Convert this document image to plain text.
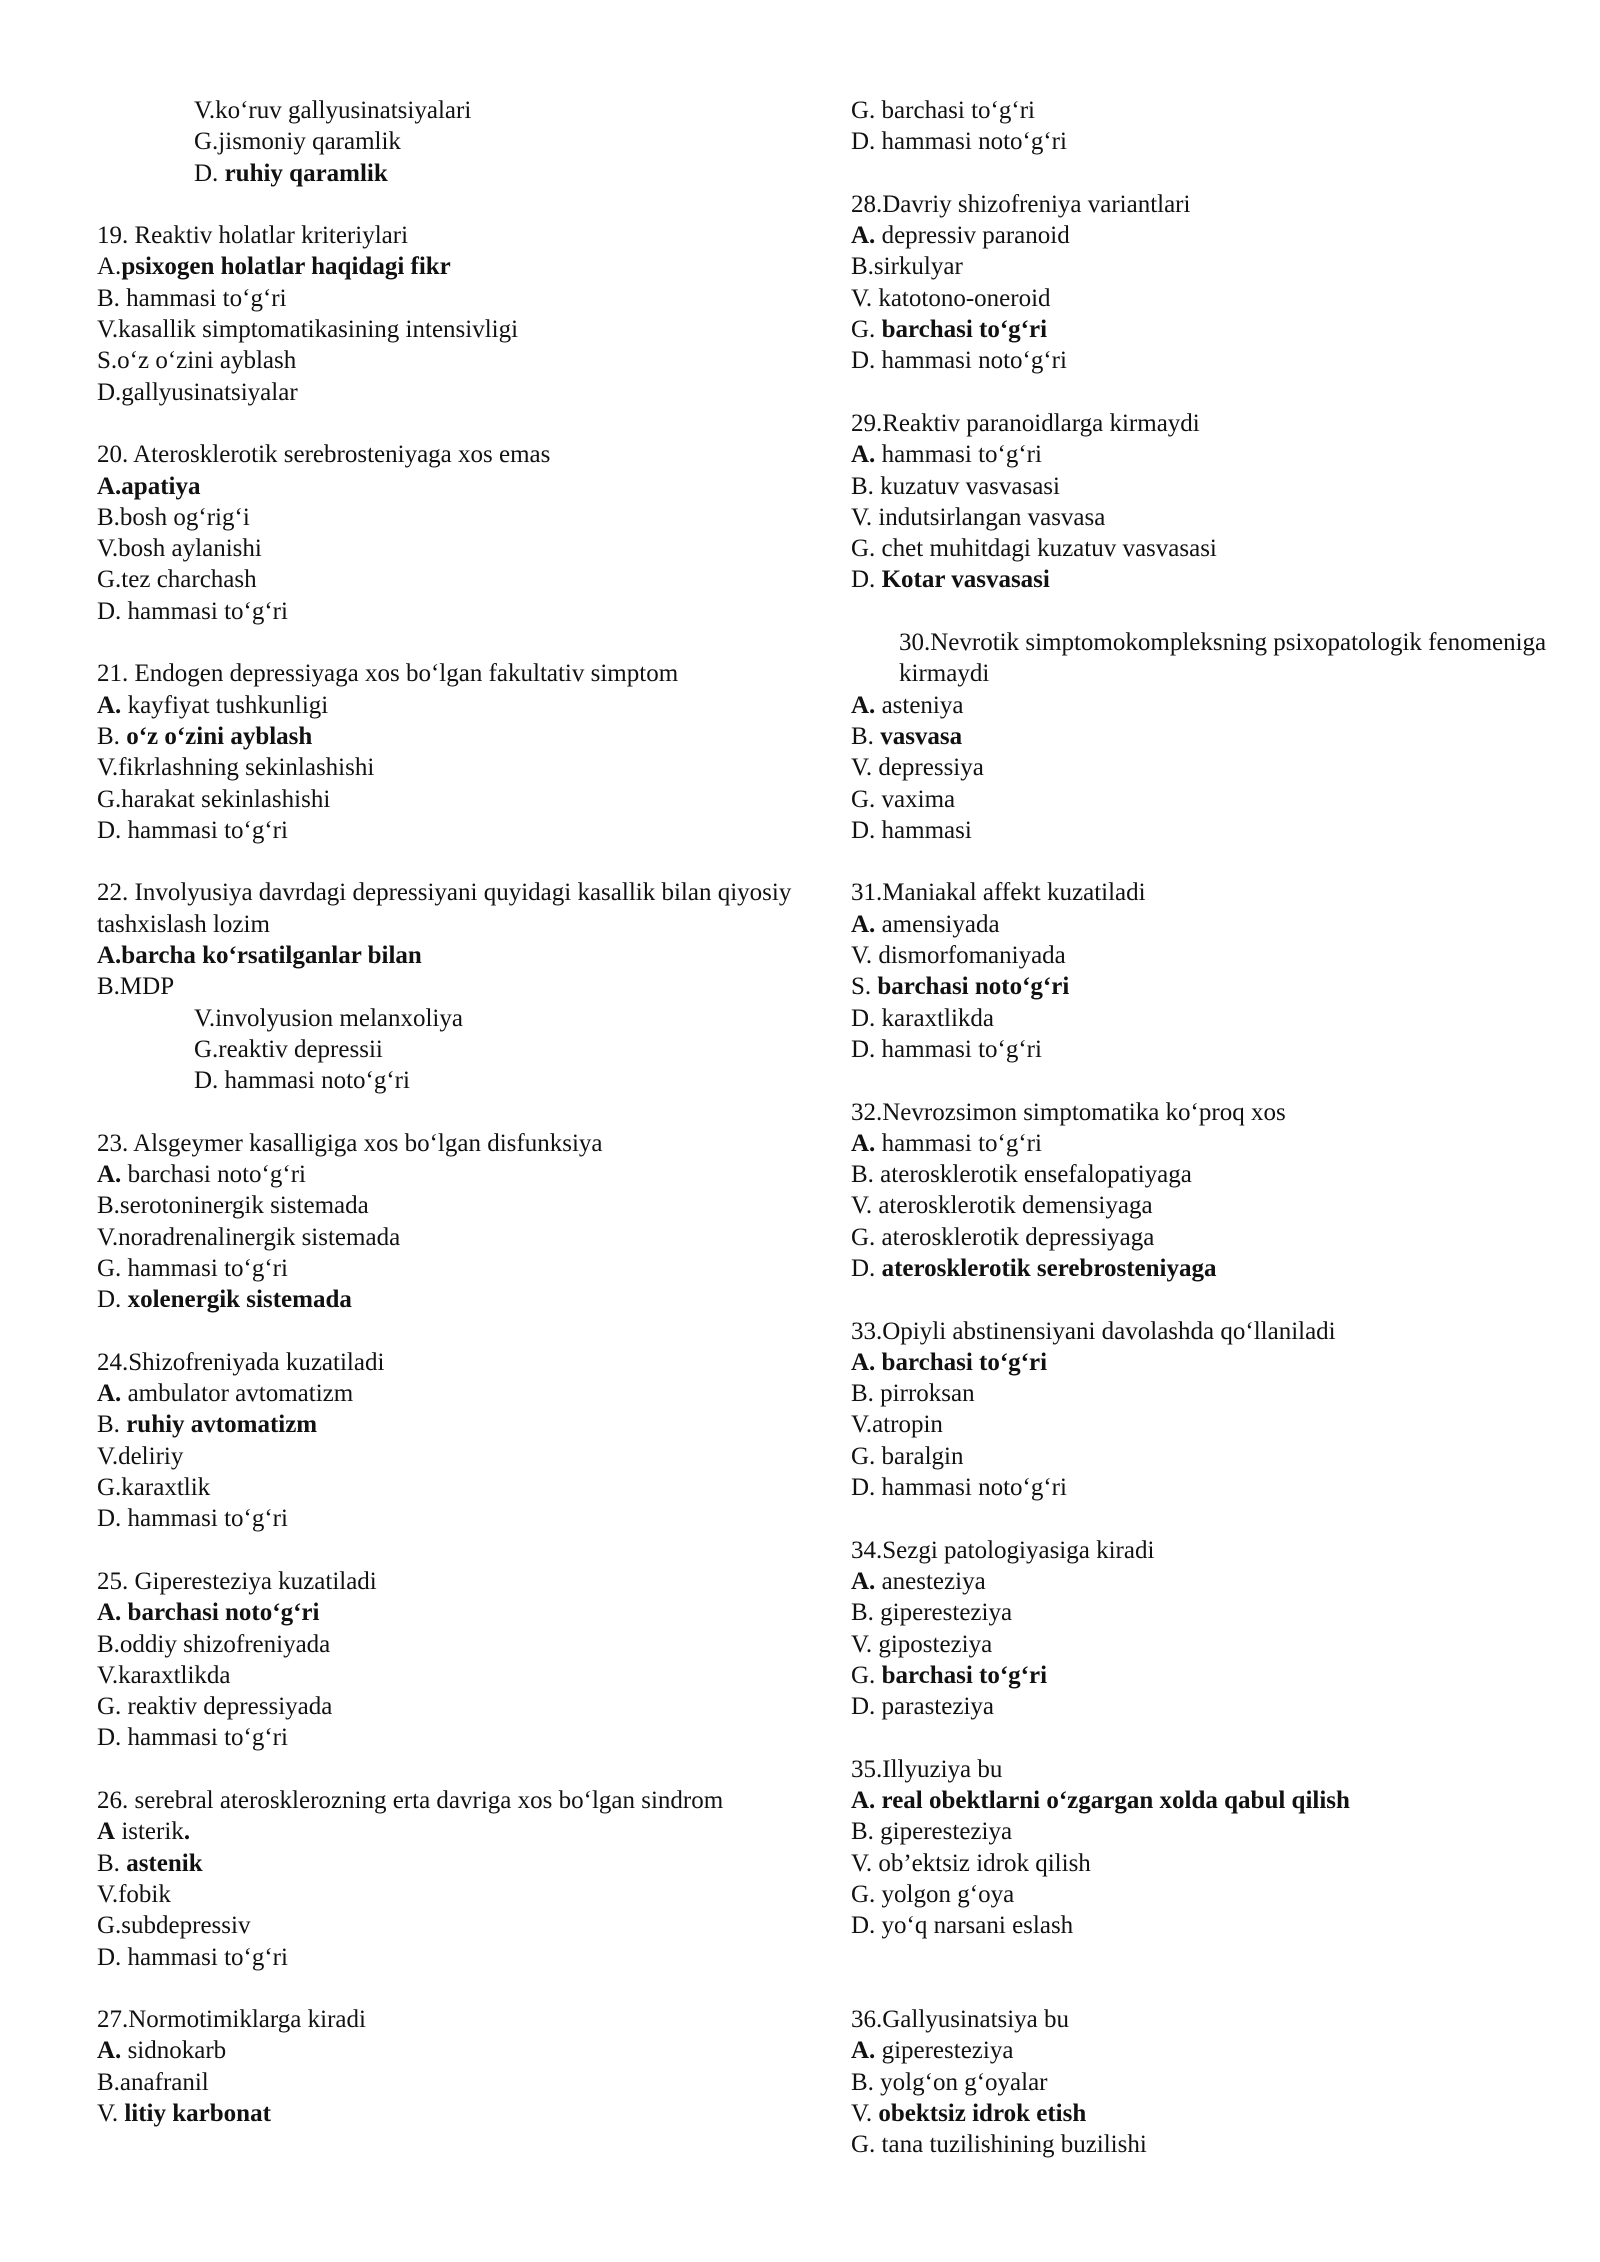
V.ko‘ruv gallyusinatsiyalari
G.jismoniy qaramlik
D. ruhiy qaramlik
19. Reaktiv holatlar kriteriylari
A.psixogen holatlar haqidagi fikr
B. hammasi to‘g‘ri
V.kasallik simptomatikasining intensivligi
S.o‘z o‘zini ayblash
D.gallyusinatsiyalar
20. Aterosklerotik serebrosteniyaga xos emas
A.apatiya
B.bosh og‘rig‘i
V.bosh aylanishi
G.tez charchash
D. hammasi to‘g‘ri
21. Endogen depressiyaga xos bo‘lgan fakultativ simptom
A. kayfiyat tushkunligi
B. o‘z o‘zini ayblash
V.fikrlashning sekinlashishi
G.harakat sekinlashishi
D. hammasi to‘g‘ri
22. Involyusiya davrdagi depressiyani quyidagi kasallik bilan qiyosiy tashxislash lozim
A.barcha ko‘rsatilganlar bilan
B.MDP
V.involyusion melanxoliya
G.reaktiv depressii
D. hammasi noto‘g‘ri
23. Alsgeymer kasalligiga xos bo‘lgan disfunksiya
A. barchasi noto‘g‘ri
B.serotoninergik sistemada
V.noradrenalinergik sistemada
G. hammasi to‘g‘ri
D. xolenergik sistemada
24.Shizofreniyada kuzatiladi
A. ambulator avtomatizm
B. ruhiy avtomatizm
V.deliriy
G.karaxtlik
D. hammasi to‘g‘ri
25. Giperesteziya kuzatiladi
A. barchasi noto‘g‘ri
B.oddiy shizofreniyada
V.karaxtlikda
G. reaktiv depressiyada
D. hammasi to‘g‘ri
26. serebral aterosklerozning erta davriga xos bo‘lgan sindrom
A isterik.
B. astenik
V.fobik
G.subdepressiv
D. hammasi to‘g‘ri
27.Normotimiklarga kiradi
A. sidnokarb
B.anafranil
V. litiy karbonat
G. barchasi to‘g‘ri
D. hammasi noto‘g‘ri
28.Davriy shizofreniya variantlari
A. depressiv paranoid
B.sirkulyar
V. katotono-oneroid
G. barchasi to‘g‘ri
D. hammasi noto‘g‘ri
29.Reaktiv paranoidlarga kirmaydi
A. hammasi to‘g‘ri
B. kuzatuv vasvasasi
V. indutsirlangan vasvasa
G. chet muhitdagi kuzatuv vasvasasi
D. Kotar vasvasasi
30.Nevrotik simptomokompleksning psixopatologik fenomeniga kirmaydi
A. asteniya
B. vasvasa
V. depressiya
G. vaxima
D. hammasi
31.Maniakal affekt kuzatiladi
A. amensiyada
V. dismorfomaniyada
S. barchasi noto‘g‘ri
D. karaxtlikda
D. hammasi to‘g‘ri
32.Nevrozsimon simptomatika ko‘proq xos
A. hammasi to‘g‘ri
B. aterosklerotik ensefalopatiyaga
V. aterosklerotik demensiyaga
G. aterosklerotik depressiyaga
D. aterosklerotik serebrosteniyaga
33.Opiyli abstinensiyani davolashda qo‘llaniladi
A. barchasi to‘g‘ri
B. pirroksan
V.atropin
G. baralgin
D. hammasi noto‘g‘ri
34.Sezgi patologiyasiga kiradi
A. anesteziya
B. giperesteziya
V. giposteziya
G. barchasi to‘g‘ri
D. parasteziya
35.Illyuziya bu
A. real obektlarni o‘zgargan xolda qabul qilish
B. giperesteziya
V. ob’ektsiz idrok qilish
G. yolgon g‘oya
D. yo‘q narsani eslash
36.Gallyusinatsiya bu
A. giperesteziya
B. yolg‘on g‘oyalar
V. obektsiz idrok etish
G. tana tuzilishining buzilishi
